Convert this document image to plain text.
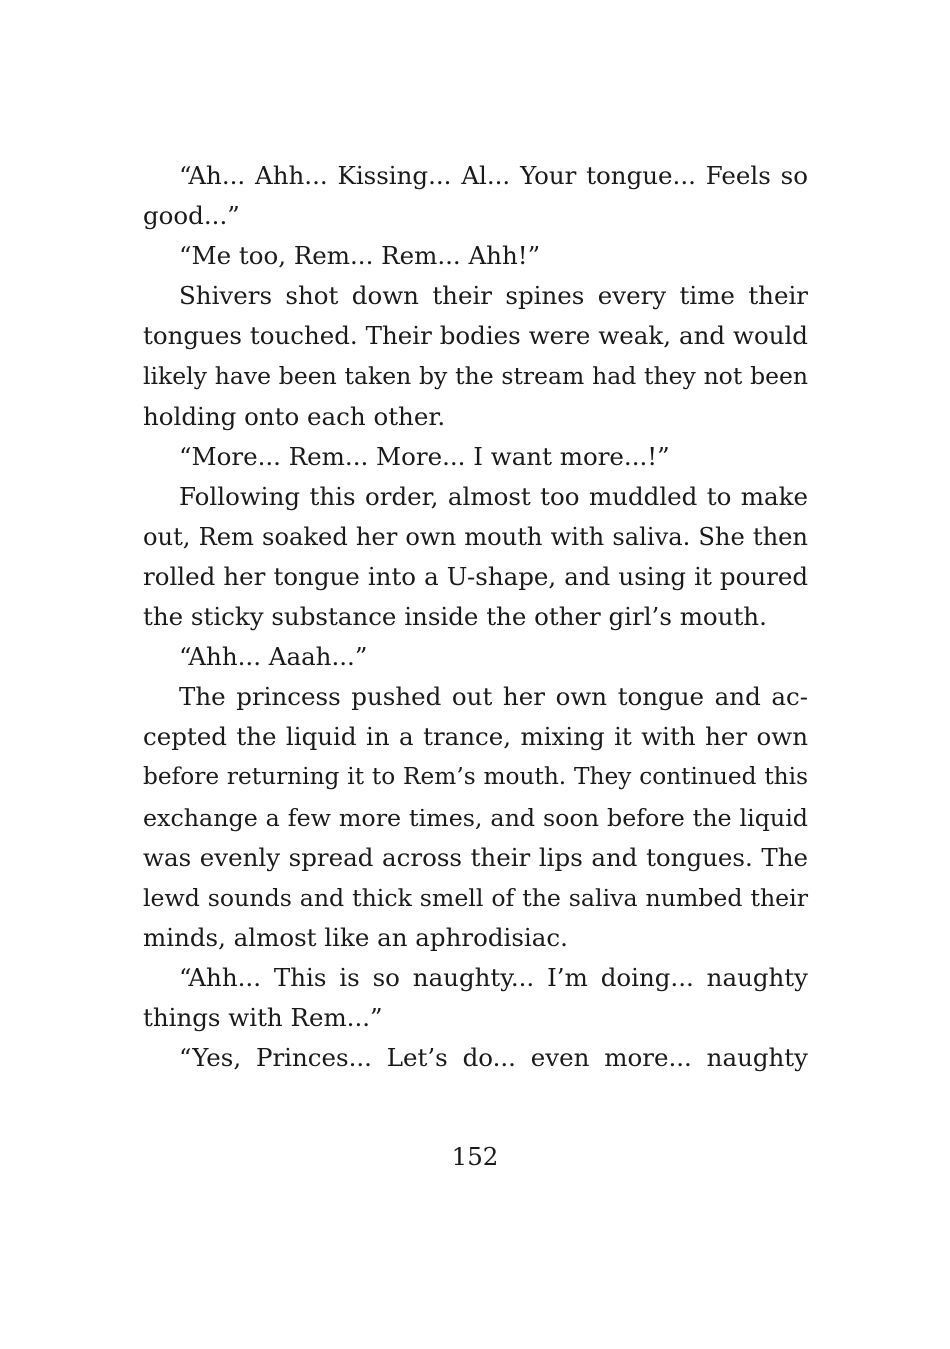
“Ah... Ahh... Kissing... Al... Your tongue... Feels so
good...”
“Me too, Rem... Rem... Ahh!”
Shivers shot down their spines every time their
tongues touched. Their bodies were weak, and would
likely have been taken by the stream had they not been
holding onto each other.
“More... Rem... More... I want more...!”
Following this order, almost too muddled to make
out, Rem soaked her own mouth with saliva. She then
rolled her tongue into a U-shape, and using it poured
the sticky substance inside the other girl’s mouth.
“Ahh... Aaah...”
The princess pushed out her own tongue and ac-
cepted the liquid in a trance, mixing it with her own
before returning it to Rem’s mouth. They continued this
exchange a few more times, and soon before the liquid
was evenly spread across their lips and tongues. The
lewd sounds and thick smell of the saliva numbed their
minds, almost like an aphrodisiac.
“Ahh... This is so naughty... I’m doing... naughty
things with Rem...”
“Yes, Princes... Let’s do... even more... naughty
152
